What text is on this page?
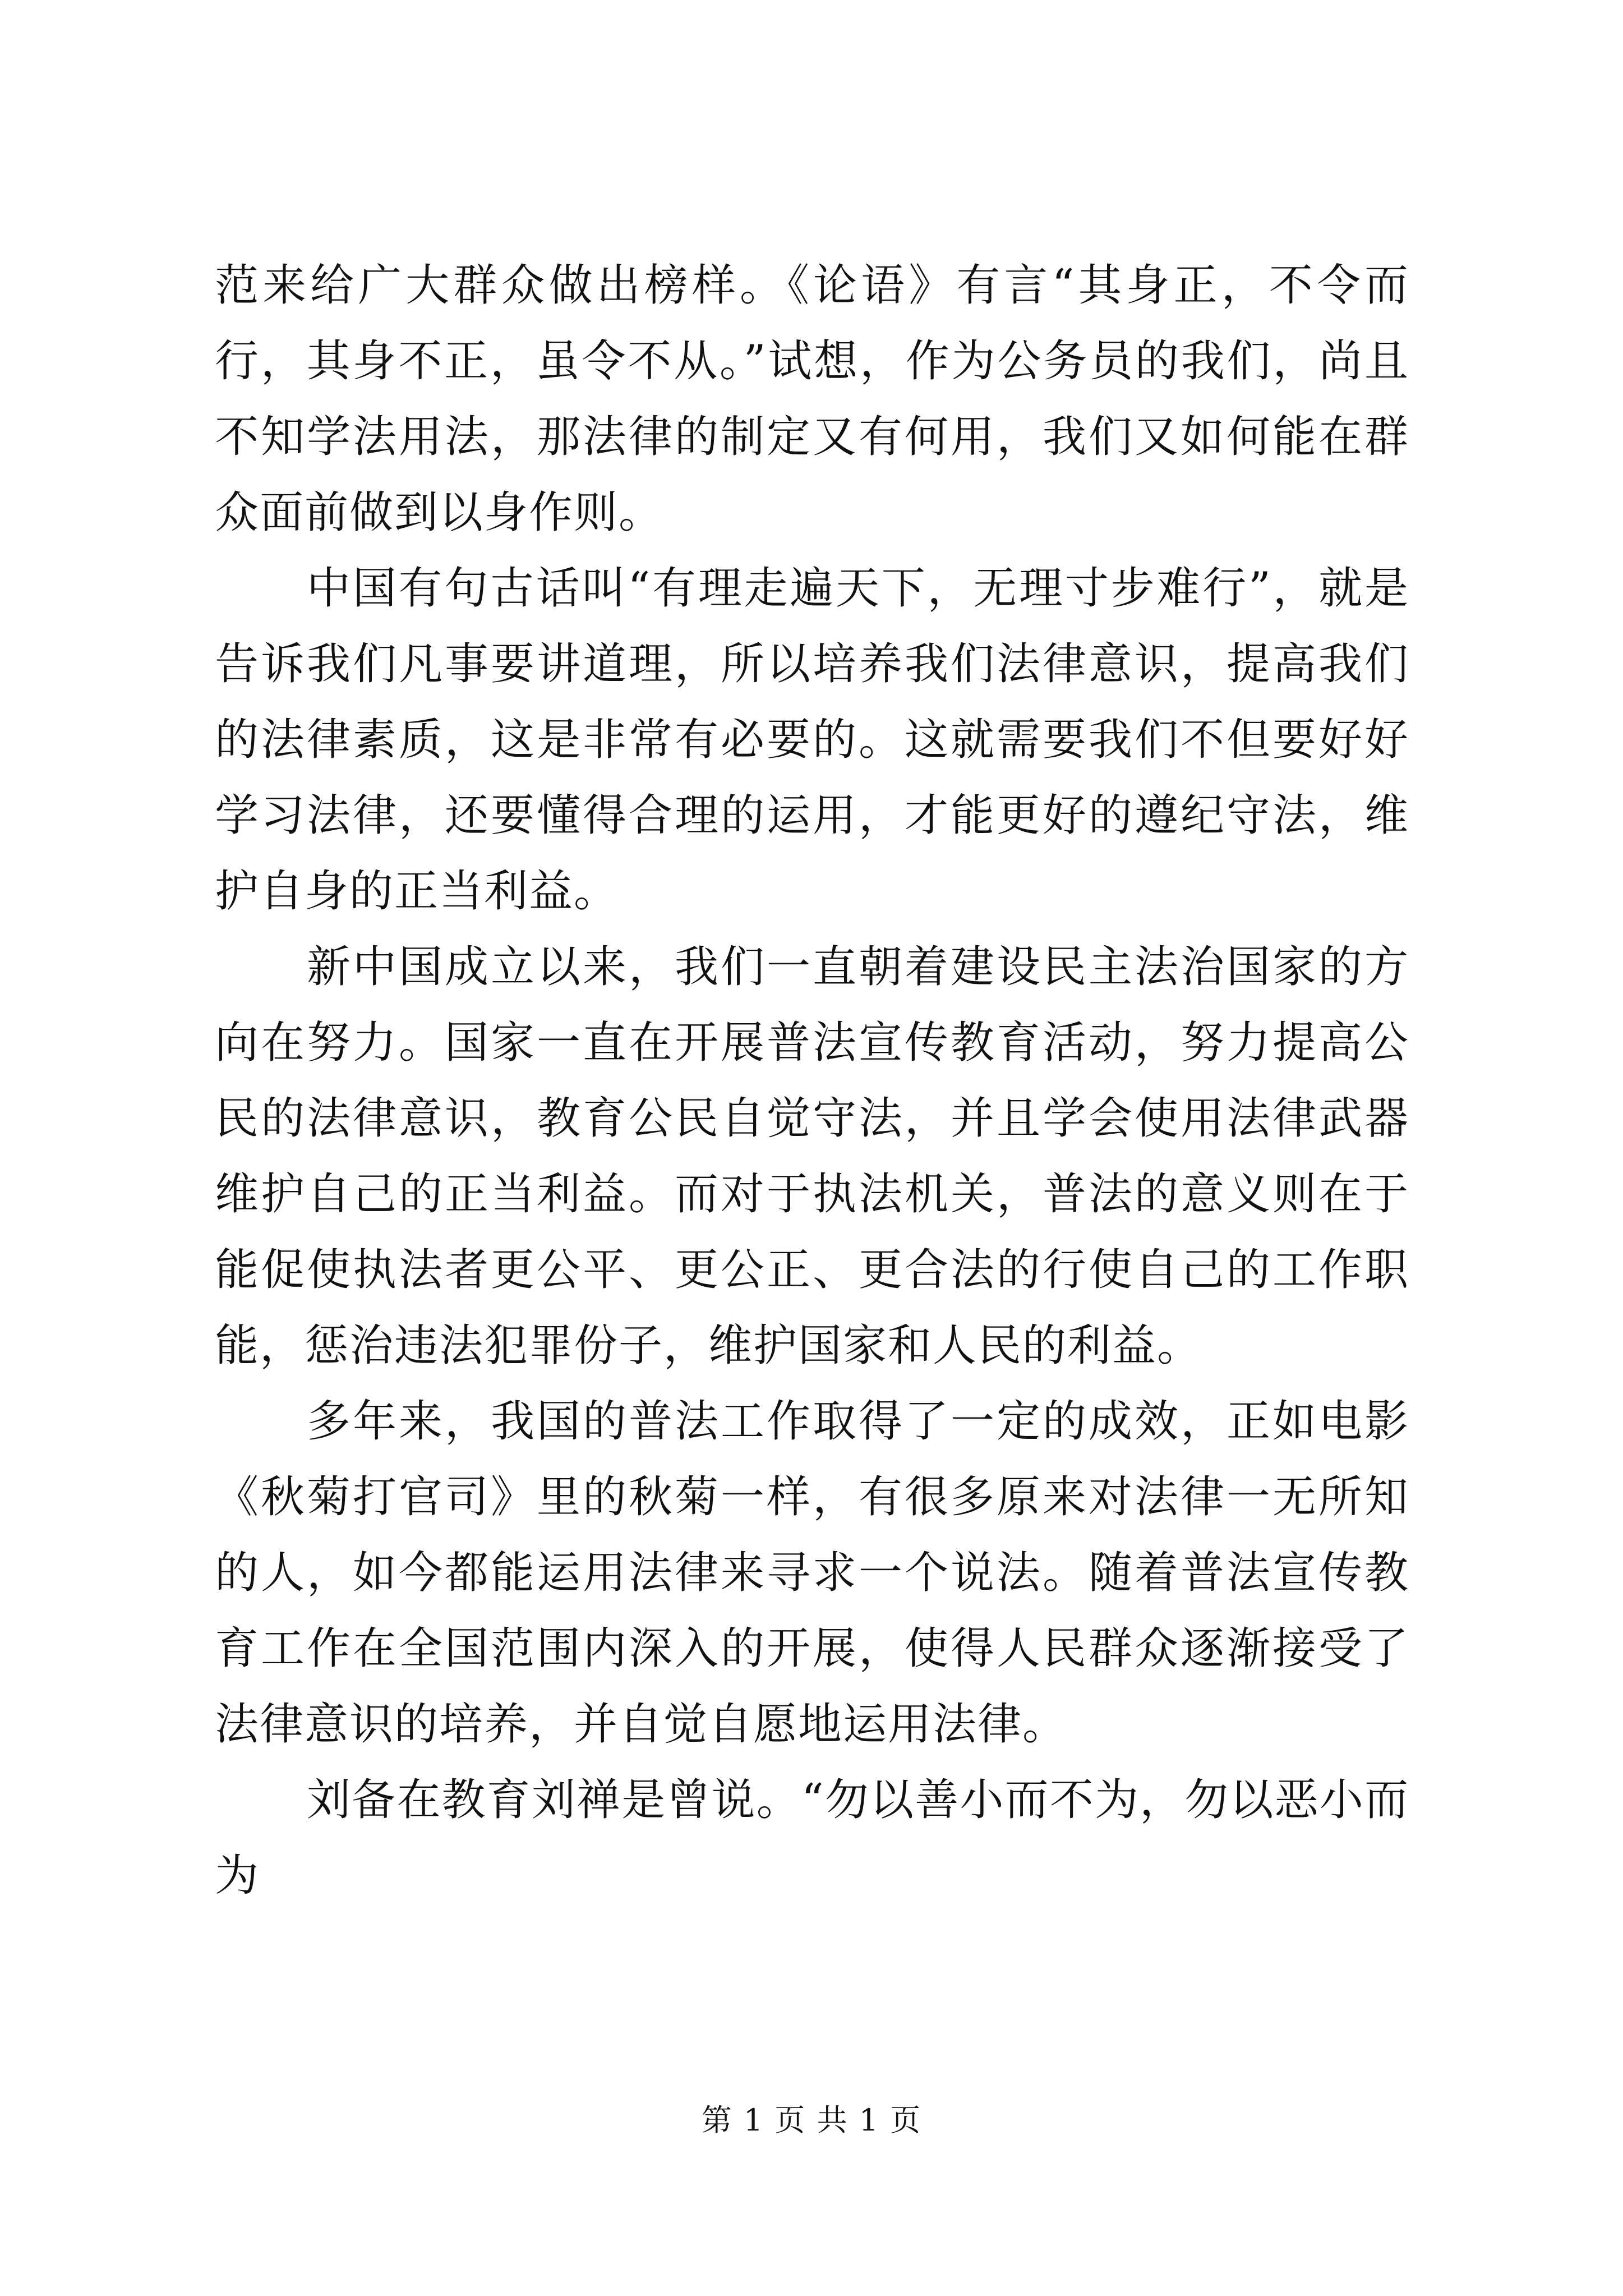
范来给广大群众做出榜样。《论语》有言“其身正，不令而行，其身不正，虽令不从。”试想，作为公务员的我们，尚且不知学法用法，那法律的制定又有何用，我们又如何能在群众面前做到以身作则。

中国有句古话叫“有理走遍天下，无理寸步难行”，就是告诉我们凡事要讲道理，所以培养我们法律意识，提高我们的法律素质，这是非常有必要的。这就需要我们不但要好好学习法律，还要懂得合理的运用，才能更好的遵纪守法，维护自身的正当利益。

新中国成立以来，我们一直朝着建设民主法治国家的方向在努力。国家一直在开展普法宣传教育活动，努力提高公民的法律意识，教育公民自觉守法，并且学会使用法律武器维护自己的正当利益。而对于执法机关，普法的意义则在于能促使执法者更公平、更公正、更合法的行使自己的工作职能，惩治违法犯罪份子，维护国家和人民的利益。

多年来，我国的普法工作取得了一定的成效，正如电影《秋菊打官司》里的秋菊一样，有很多原来对法律一无所知的人，如今都能运用法律来寻求一个说法。随着普法宣传教育工作在全国范围内深入的开展，使得人民群众逐渐接受了法律意识的培养，并自觉自愿地运用法律。

刘备在教育刘禅是曾说。“勿以善小而不为，勿以恶小而为

第 1 页 共 1 页
